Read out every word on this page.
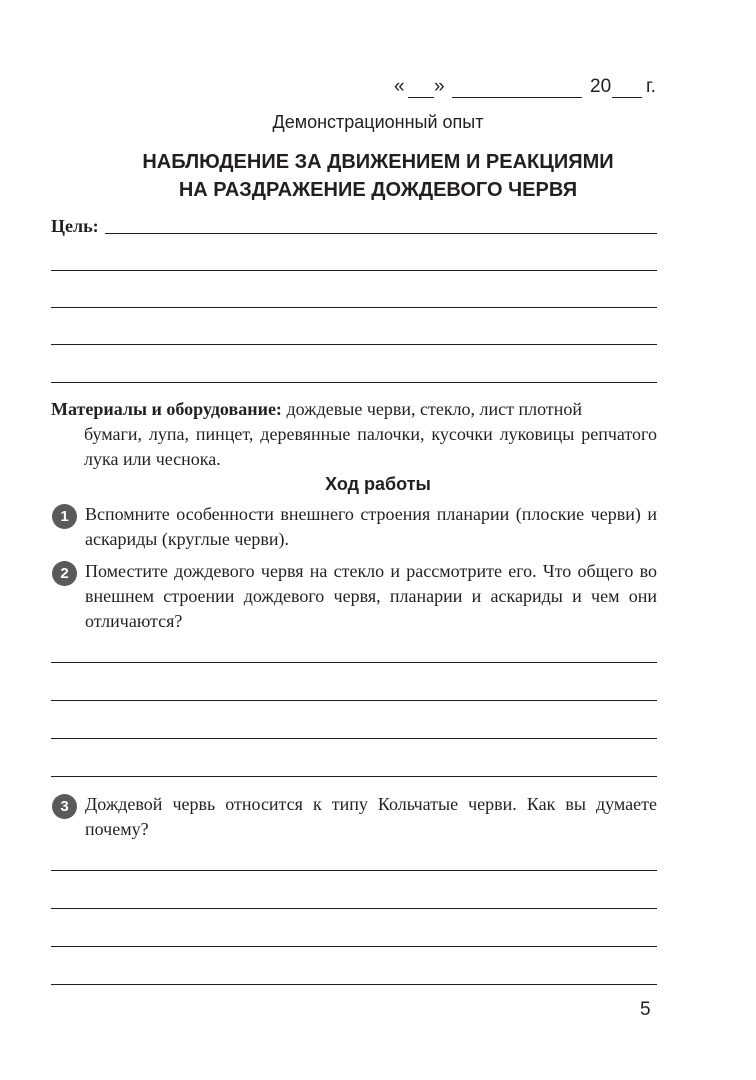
« »	20 г.
Демонстрационный опыт
НАБЛЮДЕНИЕ ЗА ДВИЖЕНИЕМ И РЕАКЦИЯМИ
НА РАЗДРАЖЕНИЕ ДОЖДЕВОГО ЧЕРВЯ
Цель:
Материалы и оборудование: дождевые черви, стекло, лист плотной
бумаги, лупа, пинцет, деревянные палочки, кусочки луковицы репчатого лука или чеснока.
Ход работы
1 Вспомните особенности внешнего строения планарии (плоские черви) и аскариды (круглые черви).
2 Поместите дождевого червя на стекло и рассмотрите его. Что общего во внешнем строении дождевого червя, планарии и аскариды и чем они отличаются?
3 Дождевой червь относится к типу Кольчатые черви. Как вы думаете почему?
5
